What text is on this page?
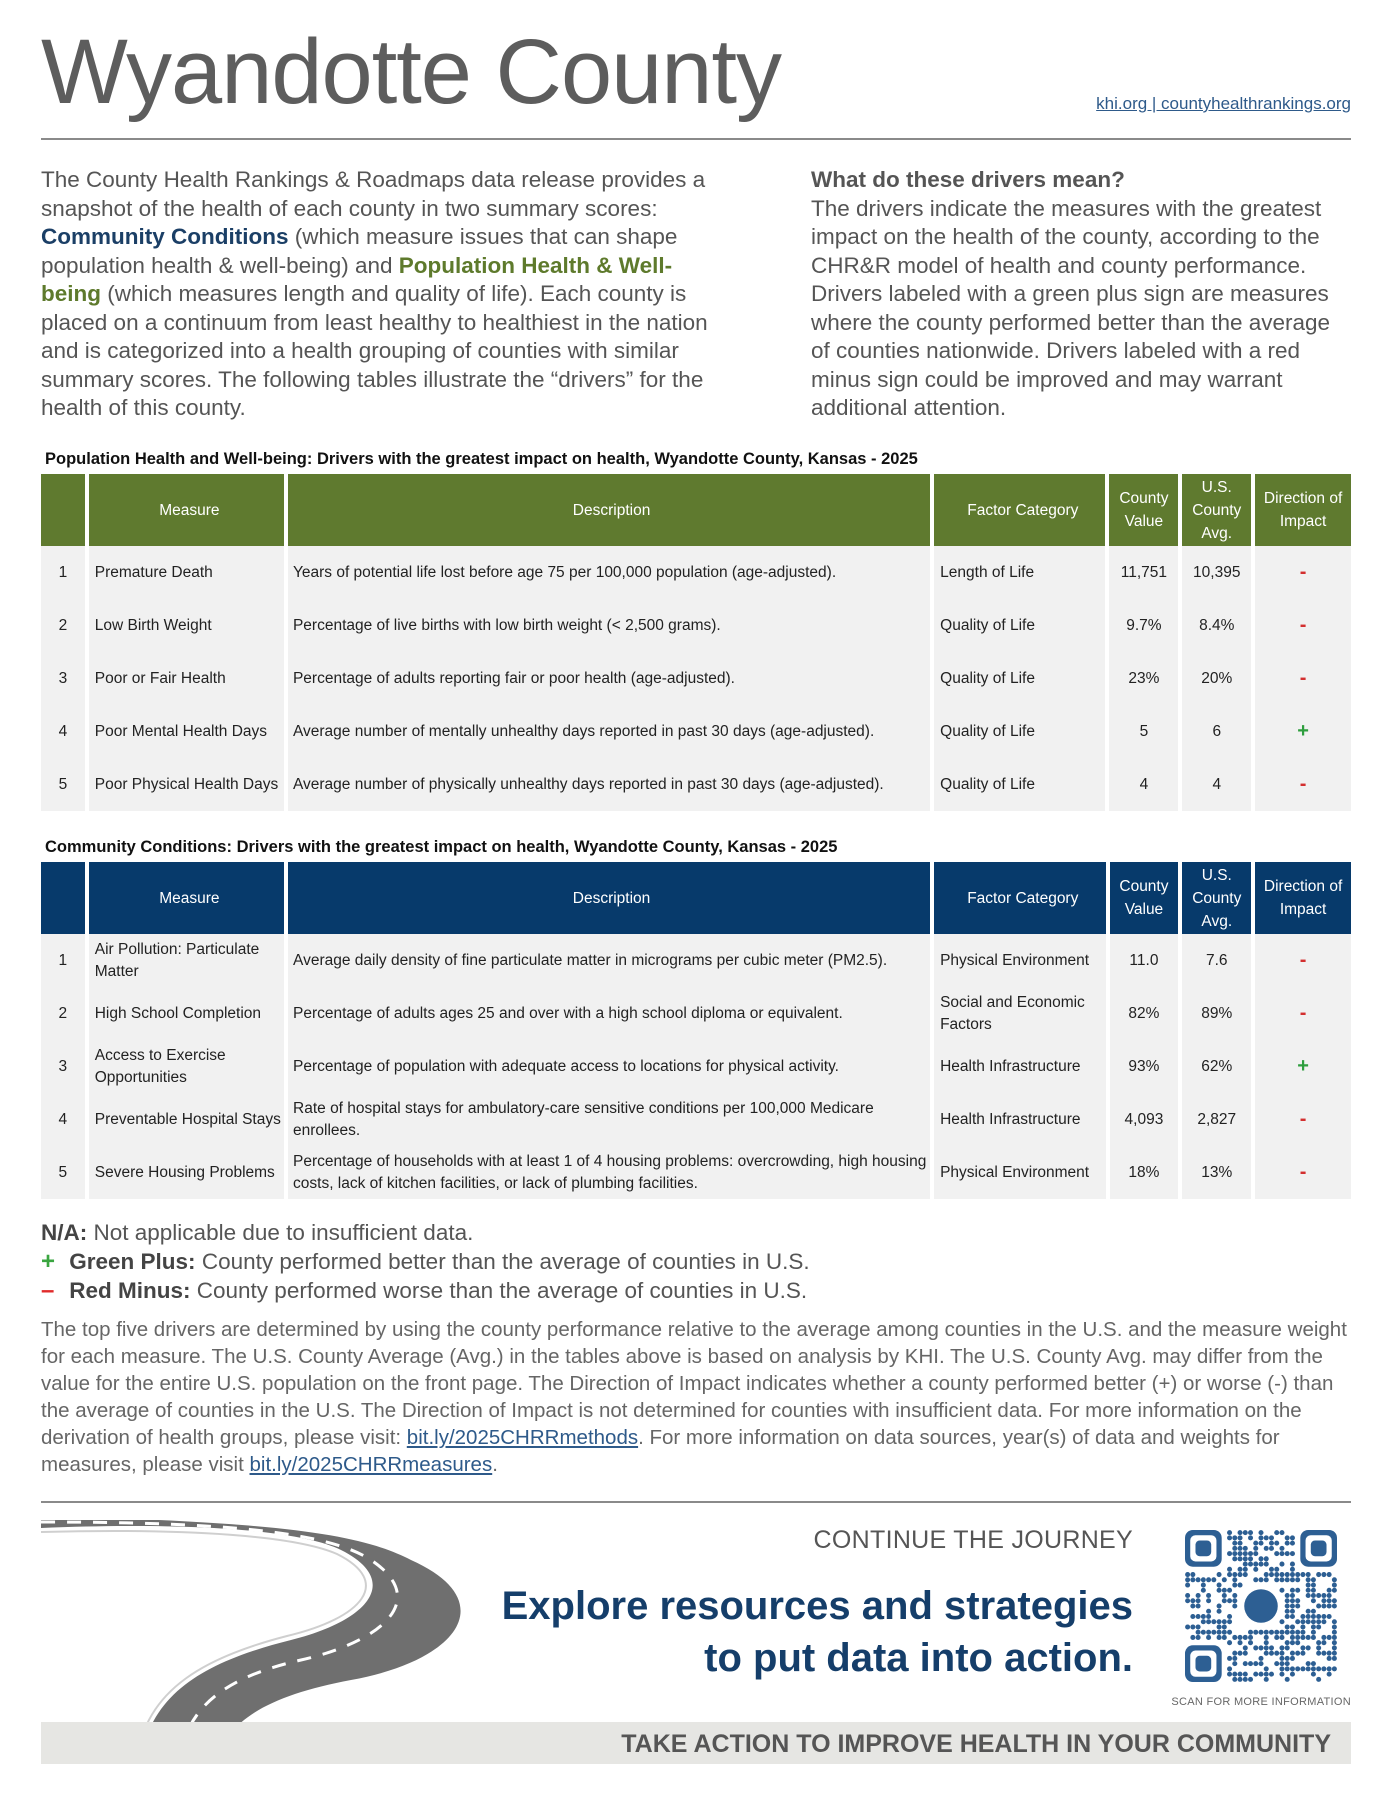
Wyandotte County	khi.org | countyhealthrankings.org
The County Health Rankings & Roadmaps data release provides a snapshot of the health of each county in two summary scores: Community Conditions (which measure issues that can shape population health & well-being) and Population Health & Well-being (which measures length and quality of life). Each county is placed on a continuum from least healthy to healthiest in the nation and is categorized into a health grouping of counties with similar summary scores. The following tables illustrate the “drivers” for the health of this county.
What do these drivers mean?
The drivers indicate the measures with the greatest impact on the health of the county, according to the CHR&R model of health and county performance. Drivers labeled with a green plus sign are measures where the county performed better than the average of counties nationwide. Drivers labeled with a red minus sign could be improved and may warrant additional attention.
Population Health and Well-being: Drivers with the greatest impact on health, Wyandotte County, Kansas - 2025
	Measure	Description	Factor Category	County Value	U.S. County Avg.	Direction of Impact
1	Premature Death	Years of potential life lost before age 75 per 100,000 population (age-adjusted).	Length of Life	11,751	10,395	-
2	Low Birth Weight	Percentage of live births with low birth weight (< 2,500 grams).	Quality of Life	9.7%	8.4%	-
3	Poor or Fair Health	Percentage of adults reporting fair or poor health (age-adjusted).	Quality of Life	23%	20%	-
4	Poor Mental Health Days	Average number of mentally unhealthy days reported in past 30 days (age-adjusted).	Quality of Life	5	6	+
5	Poor Physical Health Days	Average number of physically unhealthy days reported in past 30 days (age-adjusted).	Quality of Life	4	4	-
Community Conditions: Drivers with the greatest impact on health, Wyandotte County, Kansas - 2025
	Measure	Description	Factor Category	County Value	U.S. County Avg.	Direction of Impact
1	Air Pollution: Particulate Matter	Average daily density of fine particulate matter in micrograms per cubic meter (PM2.5).	Physical Environment	11.0	7.6	-
2	High School Completion	Percentage of adults ages 25 and over with a high school diploma or equivalent.	Social and Economic Factors	82%	89%	-
3	Access to Exercise Opportunities	Percentage of population with adequate access to locations for physical activity.	Health Infrastructure	93%	62%	+
4	Preventable Hospital Stays	Rate of hospital stays for ambulatory-care sensitive conditions per 100,000 Medicare enrollees.	Health Infrastructure	4,093	2,827	-
5	Severe Housing Problems	Percentage of households with at least 1 of 4 housing problems: overcrowding, high housing costs, lack of kitchen facilities, or lack of plumbing facilities.	Physical Environment	18%	13%	-
N/A: Not applicable due to insufficient data.
+ Green Plus: County performed better than the average of counties in U.S.
– Red Minus: County performed worse than the average of counties in U.S.
The top five drivers are determined by using the county performance relative to the average among counties in the U.S. and the measure weight for each measure. The U.S. County Average (Avg.) in the tables above is based on analysis by KHI. The U.S. County Avg. may differ from the value for the entire U.S. population on the front page. The Direction of Impact indicates whether a county performed better (+) or worse (-) than the average of counties in the U.S. The Direction of Impact is not determined for counties with insufficient data. For more information on the derivation of health groups, please visit: bit.ly/2025CHRRmethods. For more information on data sources, year(s) of data and weights for measures, please visit bit.ly/2025CHRRmeasures.
CONTINUE THE JOURNEY
Explore resources and strategies
to put data into action.
SCAN FOR MORE INFORMATION
TAKE ACTION TO IMPROVE HEALTH IN YOUR COMMUNITY
